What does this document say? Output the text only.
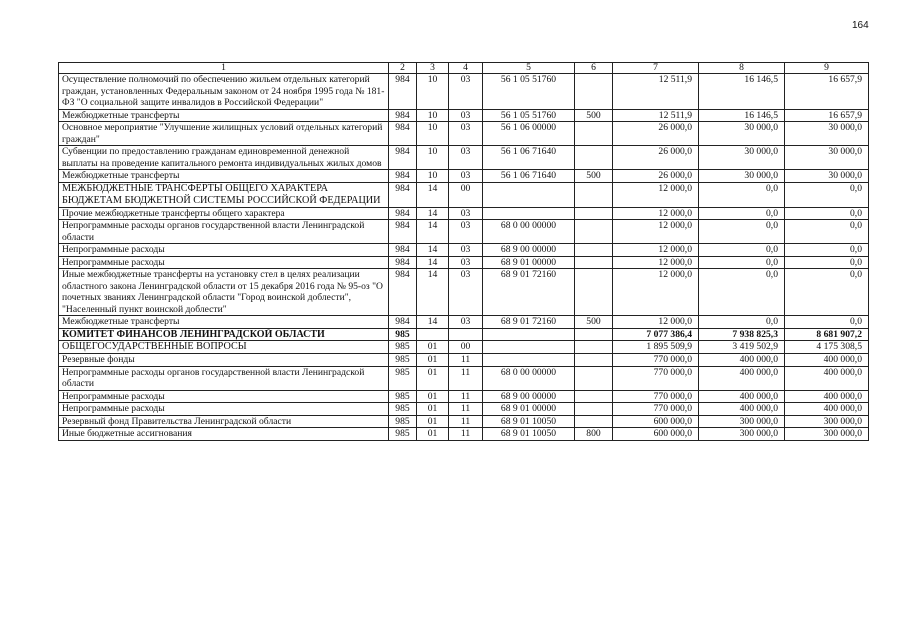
164
1	2	3	4	5	6	7	8	9
Осуществление полномочий по обеспечению жильем отдельных категорий граждан, установленных Федеральным законом от 24 ноября 1995 года № 181-ФЗ "О социальной защите инвалидов в Российской Федерации"	984	10	03	56 1 05 51760		12 511,9	16 146,5	16 657,9
Межбюджетные трансферты	984	10	03	56 1 05 51760	500	12 511,9	16 146,5	16 657,9
Основное мероприятие "Улучшение жилищных условий отдельных категорий граждан"	984	10	03	56 1 06 00000		26 000,0	30 000,0	30 000,0
Субвенции по предоставлению гражданам единовременной денежной выплаты на проведение капитального ремонта индивидуальных жилых домов	984	10	03	56 1 06 71640		26 000,0	30 000,0	30 000,0
Межбюджетные трансферты	984	10	03	56 1 06 71640	500	26 000,0	30 000,0	30 000,0
МЕЖБЮДЖЕТНЫЕ ТРАНСФЕРТЫ ОБЩЕГО ХАРАКТЕРА БЮДЖЕТАМ БЮДЖЕТНОЙ СИСТЕМЫ РОССИЙСКОЙ ФЕДЕРАЦИИ	984	14	00			12 000,0	0,0	0,0
Прочие межбюджетные трансферты общего характера	984	14	03			12 000,0	0,0	0,0
Непрограммные расходы органов государственной власти Ленинградской области	984	14	03	68 0 00 00000		12 000,0	0,0	0,0
Непрограммные расходы	984	14	03	68 9 00 00000		12 000,0	0,0	0,0
Непрограммные расходы	984	14	03	68 9 01 00000		12 000,0	0,0	0,0
Иные межбюджетные трансферты на установку стел в целях реализации областного закона Ленинградской области от 15 декабря 2016 года № 95-оз "О почетных званиях Ленинградской области "Город воинской доблести", "Населенный пункт воинской доблести"	984	14	03	68 9 01 72160		12 000,0	0,0	0,0
Межбюджетные трансферты	984	14	03	68 9 01 72160	500	12 000,0	0,0	0,0
КОМИТЕТ ФИНАНСОВ ЛЕНИНГРАДСКОЙ ОБЛАСТИ	985					7 077 386,4	7 938 825,3	8 681 907,2
ОБЩЕГОСУДАРСТВЕННЫЕ ВОПРОСЫ	985	01	00			1 895 509,9	3 419 502,9	4 175 308,5
Резервные фонды	985	01	11			770 000,0	400 000,0	400 000,0
Непрограммные расходы органов государственной власти Ленинградской области	985	01	11	68 0 00 00000		770 000,0	400 000,0	400 000,0
Непрограммные расходы	985	01	11	68 9 00 00000		770 000,0	400 000,0	400 000,0
Непрограммные расходы	985	01	11	68 9 01 00000		770 000,0	400 000,0	400 000,0
Резервный фонд Правительства Ленинградской области	985	01	11	68 9 01 10050		600 000,0	300 000,0	300 000,0
Иные бюджетные ассигнования	985	01	11	68 9 01 10050	800	600 000,0	300 000,0	300 000,0
